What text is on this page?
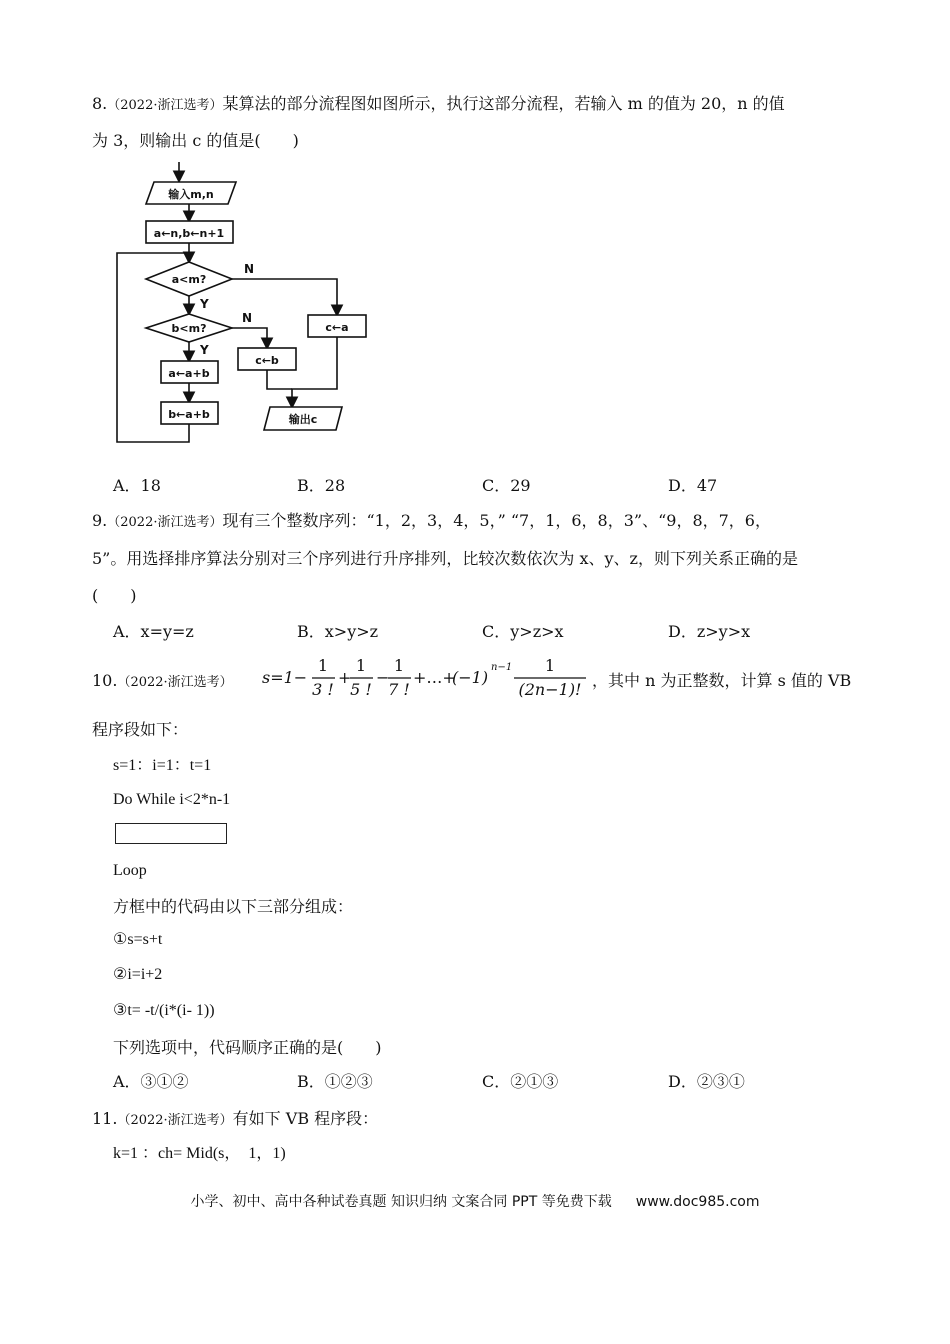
8.（2022·浙江选考）某算法的部分流程图如图所示，执行这部分流程，若输入 m 的值为 20，n 的值
为 3，则输出 c 的值是(　　)
输入m,n
a←n,b←n+1
a<m?
b<m?
a←a+b
b←a+b
c←a
c←b
输出c
N
Y
N
Y
A．18	B．28	C．29	D．47
9.（2022·浙江选考）现有三个整数序列：“1，2，3，4，5，” “7，1，6，8，3”、“9，8，7，6，
5”。用选择排序算法分别对三个序列进行升序排列，比较次数依次为 x、y、z，则下列关系正确的是
(　　)
A．x=y=z	B．x>y>z	C．y>z>x	D．z>y>x
10.（2022·浙江选考） s=1−
1
3 !
+
1
5 !
−
1
7 !
+…+
(−1)
n−1 1
(2n−1)! ，其中 n 为正整数，计算 s 值的 VB
程序段如下：
s=1：i=1：t=1
Do While i<2*n-1
Loop
方框中的代码由以下三部分组成：
①s=s+t
②i=i+2
③t= -t/(i*(i- 1))
下列选项中，代码顺序正确的是(　　)
A．③①②	B．①②③	C．②①③	D．②③①
11.（2022·浙江选考）有如下 VB 程序段：
k=1 ：ch= Mid(s，　1，1)
小学、初中、高中各种试卷真题 知识归纳 文案合同 PPT 等免费下载 www.doc985.com
